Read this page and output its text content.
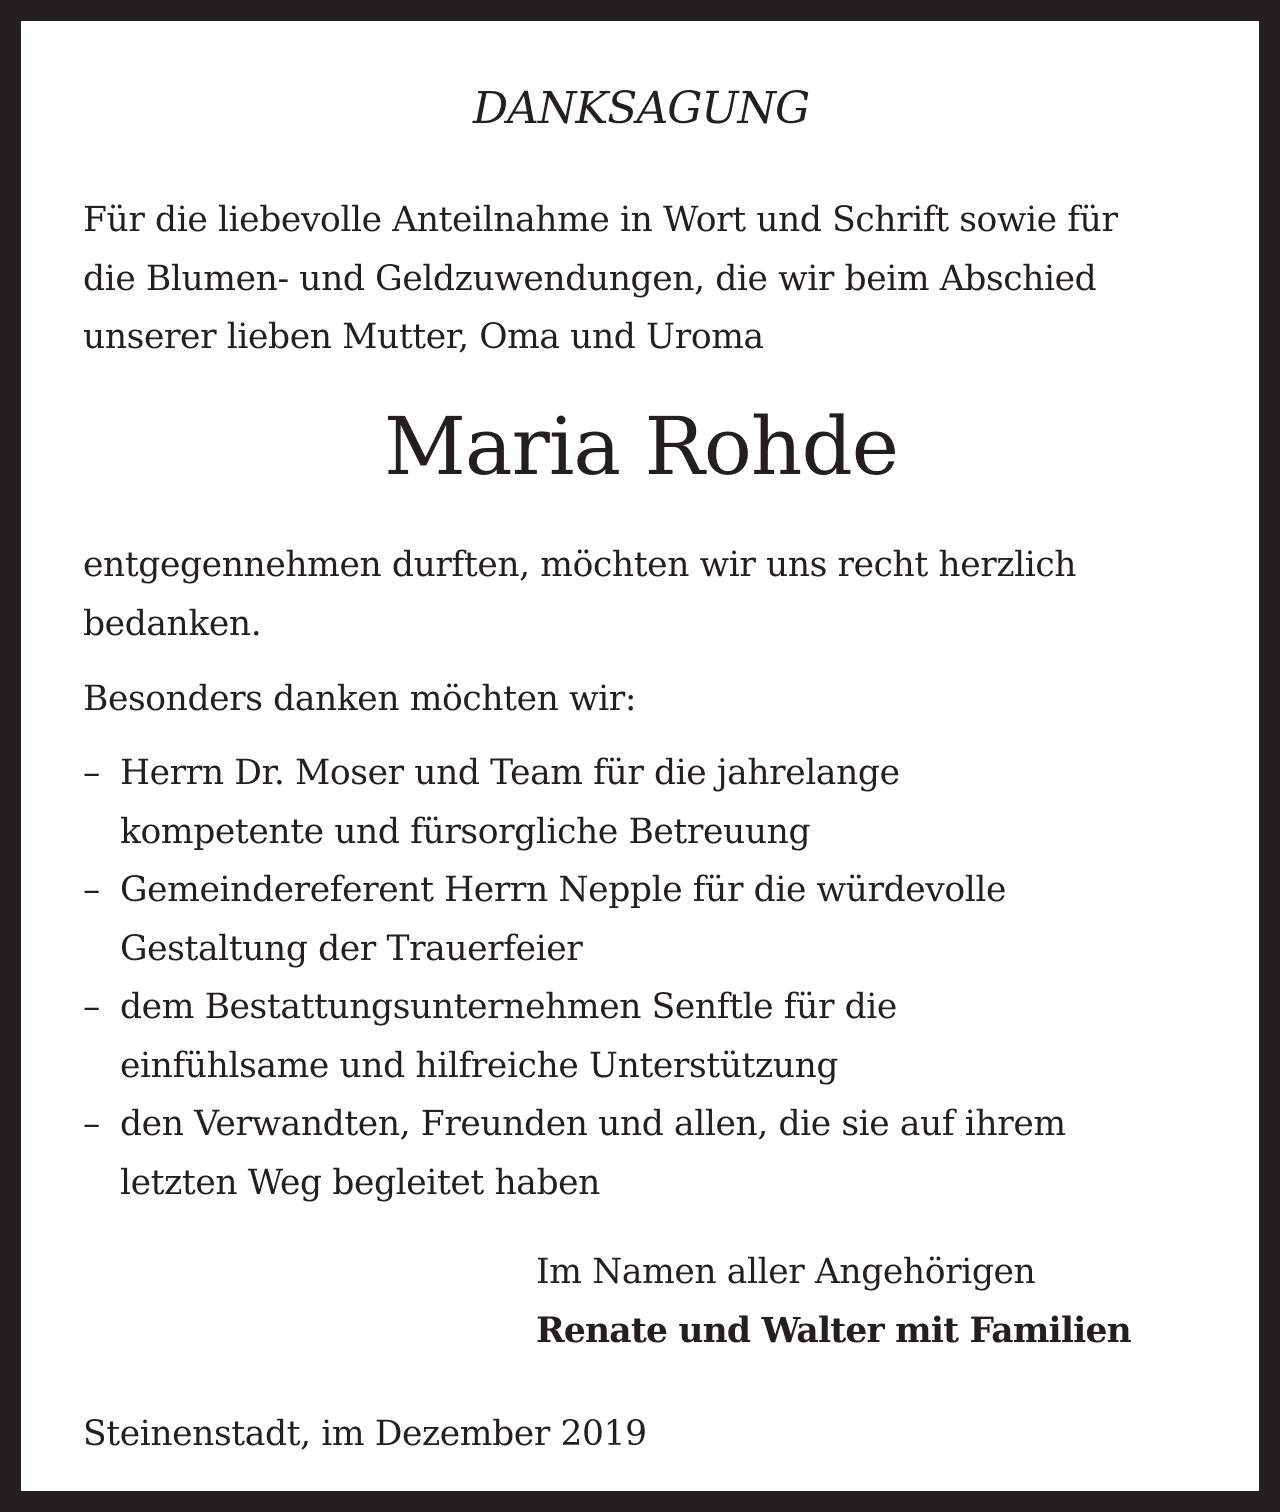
DANKSAGUNG
Für die liebevolle Anteilnahme in Wort und Schrift sowie für
die Blumen- und Geldzuwendungen, die wir beim Abschied
unserer lieben Mutter, Oma und Uroma
Maria Rohde
entgegennehmen durften, möchten wir uns recht herzlich
bedanken.
Besonders danken möchten wir:
– Herrn Dr. Moser und Team für die jahrelange
kompetente und fürsorgliche Betreuung
– Gemeindereferent Herrn Nepple für die würdevolle
Gestaltung der Trauerfeier
– dem Bestattungsunternehmen Senftle für die
einfühlsame und hilfreiche Unterstützung
– den Verwandten, Freunden und allen, die sie auf ihrem
letzten Weg begleitet haben
Im Namen aller Angehörigen
Renate und Walter mit Familien
Steinenstadt, im Dezember 2019
